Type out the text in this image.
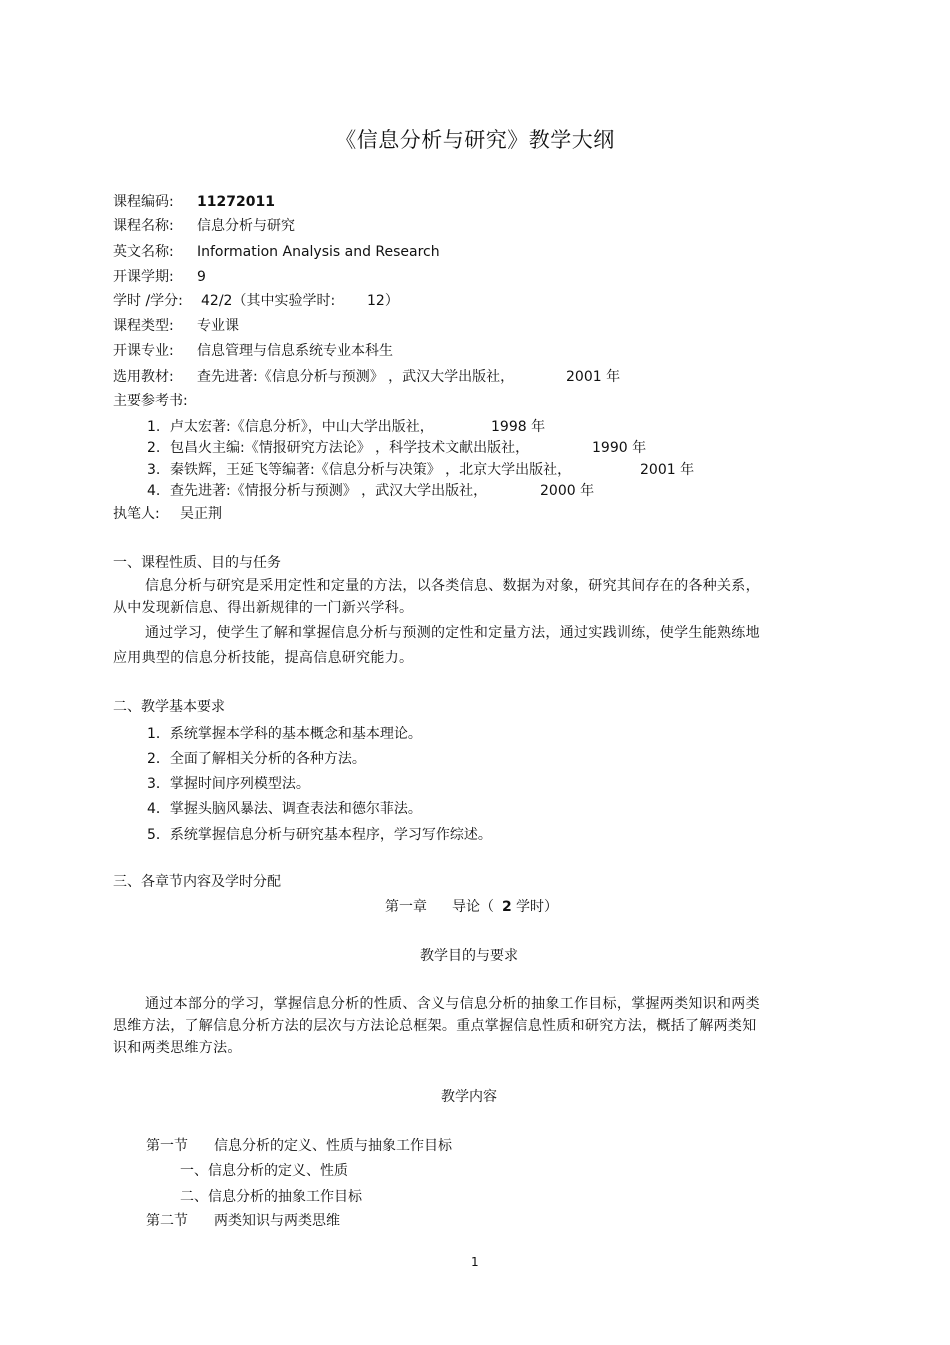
《信息分析与研究》教学大纲
课程编码: 11272011
课程名称: 信息分析与研究
英文名称: Information Analysis and Research
开课学期: 9
学时 /学分: 42/2（其中实验学时: 12）
课程类型: 专业课
开课专业: 信息管理与信息系统专业本科生
选用教材: 查先进著:《信息分析与预测》 ，武汉大学出版社，	2001 年
主要参考书:
1. 卢太宏著:《信息分析》，中山大学出版社，	1998 年
2. 包昌火主编:《情报研究方法论》 ，科学技术文献出版社，	1990 年
3. 秦铁辉，王延飞等编著:《信息分析与决策》 ，北京大学出版社，	2001 年
4. 查先进著:《情报分析与预测》 ，武汉大学出版社，	2000 年
执笔人: 吴正荆
一、课程性质、目的与任务
信息分析与研究是采用定性和定量的方法，以各类信息、数据为对象，研究其间存在的各种关系，从中发现新信息、得出新规律的一门新兴学科。
通过学习，使学生了解和掌握信息分析与预测的定性和定量方法，通过实践训练，使学生能熟练地应用典型的信息分析技能，提高信息研究能力。
二、教学基本要求
1．系统掌握本学科的基本概念和基本理论。
2．全面了解相关分析的各种方法。
3．掌握时间序列模型法。
4．掌握头脑风暴法、调查表法和德尔菲法。
5．系统掌握信息分析与研究基本程序，学习写作综述。
三、各章节内容及学时分配
第一章 导论（ 2 学时）
教学目的与要求
通过本部分的学习，掌握信息分析的性质、含义与信息分析的抽象工作目标，掌握两类知识和两类思维方法，了解信息分析方法的层次与方法论总框架。重点掌握信息性质和研究方法，概括了解两类知识和两类思维方法。
教学内容
第一节 信息分析的定义、性质与抽象工作目标
一、信息分析的定义、性质
二、信息分析的抽象工作目标
第二节 两类知识与两类思维
1
